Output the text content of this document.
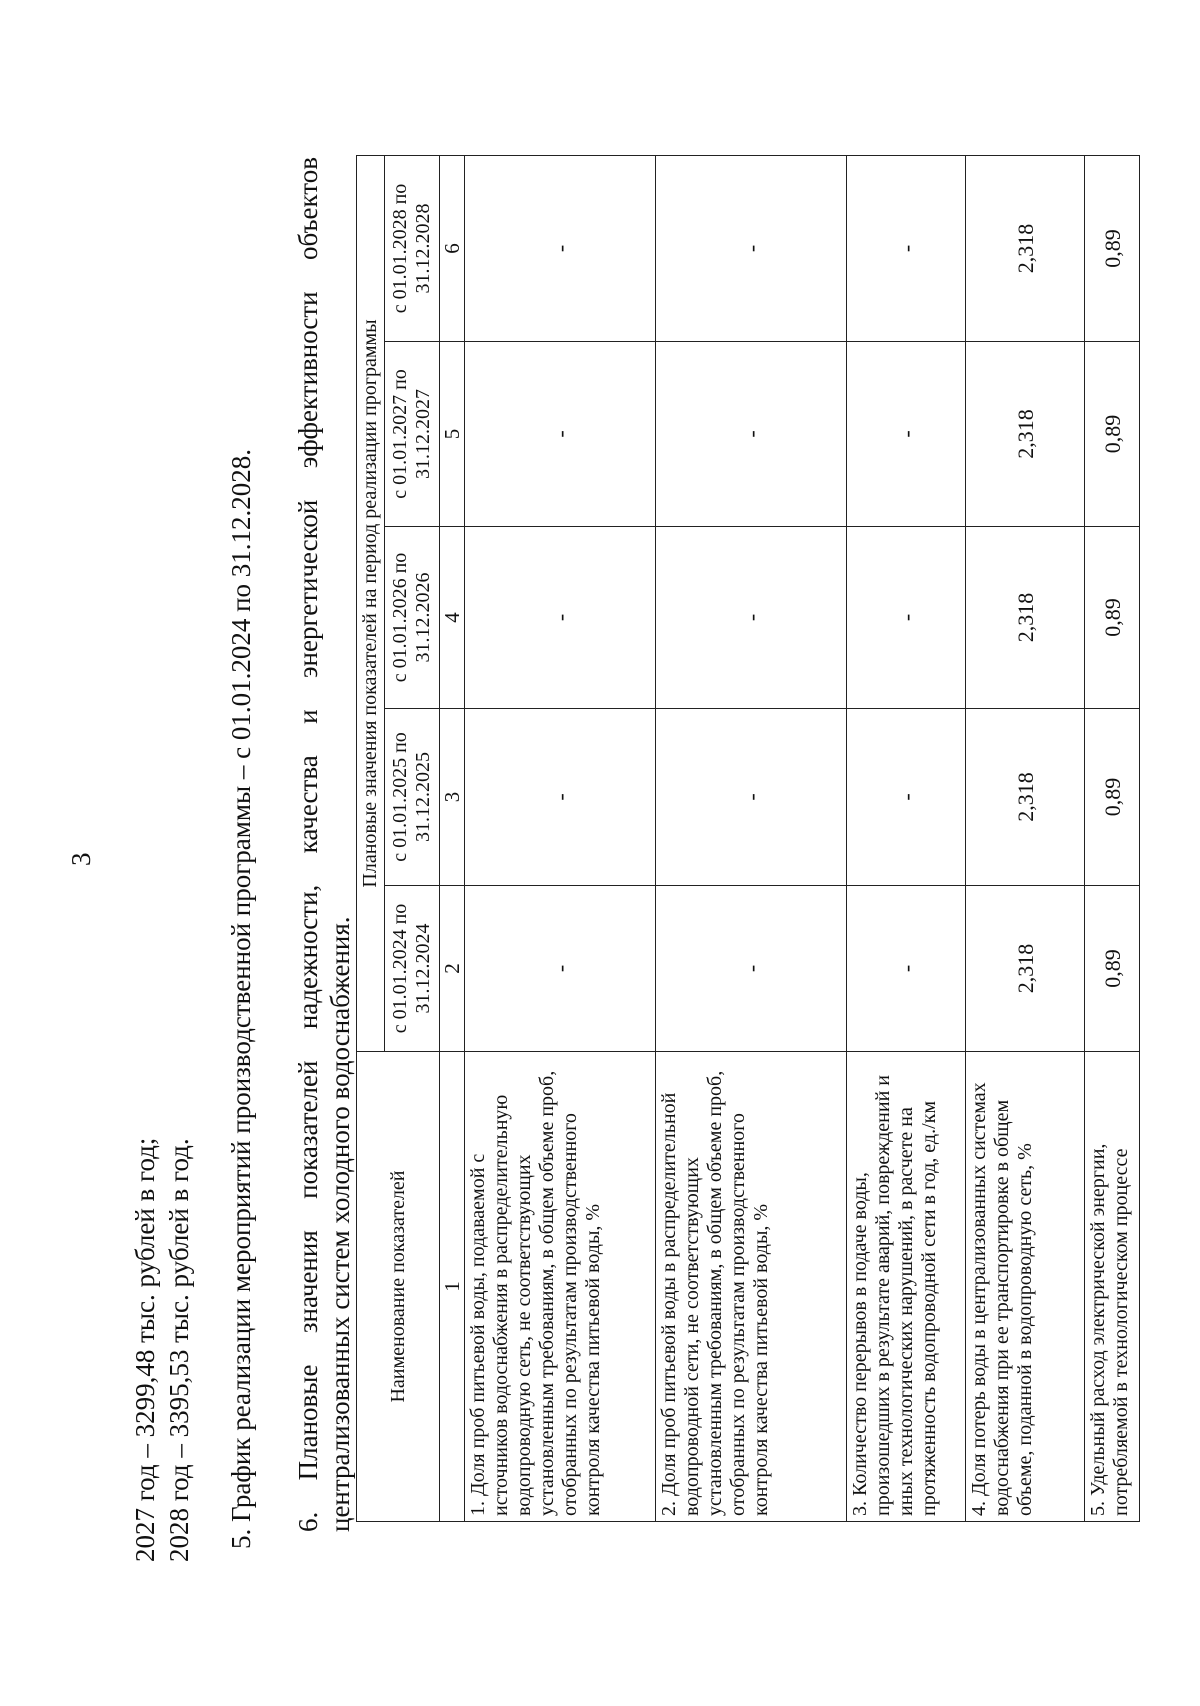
3
2027 год – 3299,48 тыс. рублей в год; 2028 год – 3395,53 тыс. рублей в год. 5. График реализации мероприятий производственной программы – с 01.01.2024 по 31.12.2028. 6.
Плановые
значения
показателей
надежности,
качества
и
энергетической
эффективности
объектов
централизованных систем холодного водоснабжения. Наименование показателей	Плановые значения показателей на период реализации программы				
	с 01.01.2024 по 31.12.2024	с 01.01.2025 по 31.12.2025	с 01.01.2026 по 31.12.2026	с 01.01.2027 по 31.12.2027	с 01.01.2028 по 31.12.2028
1	2	3	4	5	6
1. Доля проб питьевой воды, подаваемой с источников водоснабжения в распределительную водопроводную сеть, не соответствующих установленным требованиям, в общем объеме проб, отобранных по результатам производственного контроля качества питьевой воды, %	-	-	-	-	-
2. Доля проб питьевой воды в распределительной водопроводной сети, не соответствующих установленным требованиям, в общем объеме проб, отобранных по результатам производственного контроля качества питьевой воды, %	-	-	-	-	-
3. Количество перерывов в подаче воды, произошедших в результате аварий, повреждений и иных технологических нарушений, в расчете на протяженность водопроводной сети в год, ед./км	-	-	-	-	-
4. Доля потерь воды в централизованных системах водоснабжения при ее транспортировке в общем объеме, поданной в водопроводную сеть, %	2,318	2,318	2,318	2,318	2,318
5. Удельный расход электрической энергии, потребляемой в технологическом процессе	0,89	0,89	0,89	0,89	0,89
